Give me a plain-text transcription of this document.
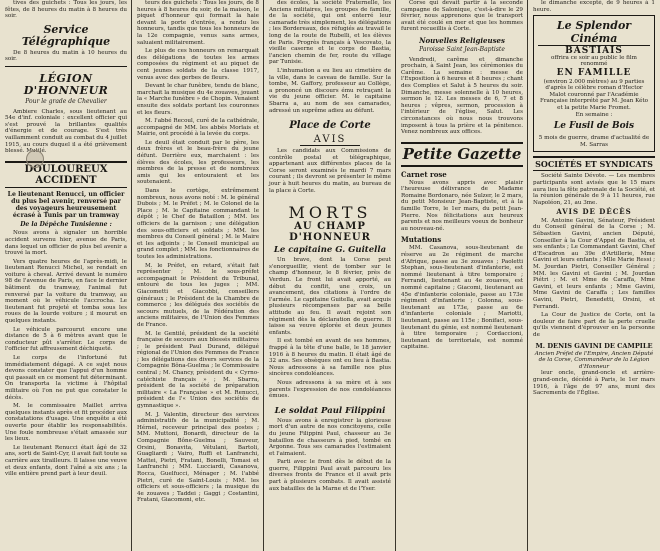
tives des guichets : Tous les jours, les fêtes, de 8 heures du matin à 8 heures du soir.

Service Télégraphique

De 8 heures du matin à 10 heures du soir.

LÉGION D'HONNEUR
Pour le grade de Chevalier

Ambiere Charles, sous lieutenant au 54e d'inf. coloniale : excellent officier qui s'est prouvé la brillantes qualités d'énergie et de courage. S'est très vaillamment conduit au combat du 4 juillet 1915, au cours duquel il a été grièvement blessé. Mutilé.

DOULOUREUX ACCIDENT
Le lieutenant Renucci, un officier du plus bel avenir, renversé par des voyageurs heureusement écrasé à Tunis par un tramway
De la Dépêche Tunisienne :

Nous avons à signaler un horrible accident survenu hier, avenue de Paris, dans lequel un officier de plus bel avenir a trouvé la mort.

Vers quatre heures de l'après-midi, le lieutenant Renucci Michel, se rendait en voiture à cheval. Arrivé devant le numéro 98 de l'avenue de Paris, en face le dernier bâtiment du tramway, l'animal fut renversé par la voiture du tramway, au moment où le véhicule l'accrocha. Le lieutenant fut projeté et tomba sous les roues de la lourde voiture ; il mourut en quelques instants.

Le véhicule parcourut encore une distance de 5 à 6 mètres avant que le conducteur pût s'arrêter. Le corps de l'officier fut affreusement déchiqueté.

Le corps de l'infortuné fut immédiatement dégagé. A ce sujet nous devons constater que l'appui d'un homme qui passait en ce moment fut déterminant. On transporta la victime à l'hôpital militaire où l'on ne put que constater le décès.

M. le commissaire Maillet arriva quelques instants après et fit procéder aux constatations d'usage. Une enquête a été ouverte pour établir les responsabilités. Une foule nombreuse s'était amassée sur les lieux.

Le lieutenant Renucci était âgé de 32 ans, sorti de Saint-Cyr, il avait fait toute sa carrière aux tirailleurs. Il laisse une veuve et deux enfants, dont l'aîné a six ans ; la ville entière prend part à leur deuil.

teurs des guichets : Tous les jours, de 8 heures à 8 heures du soir, de la maison, le piquet d'honneur qui formait la haie devant la porte d'entrée, a rendu les honneurs, tandis que tous les honneurs de la 12e compagnie, venus sans armes, saluaient militairement.

Le plus de ces honneurs on remarquait des délégations de toutes les armes composées du régiment et au piquet de cent jeunes soldats de la classe 1917, venus avec des gerbes de fleurs.

Devant le char funèbre, tendu de blanc, marchait la musique du 4e zouaves, jouant la « Marche funèbre » de Chopin. Venaient ensuite des soldats portant les couronnes et les fleurs.

M. l'abbé Recoul, curé de la cathédrale, accompagné de MM. les abbés Morlais et Mairie, ont procédé à la levée du corps.

Le deuil était conduit par le père, les deux frères et le beau-frère du jeune défunt. Derrière eux, marchaient : les élèves des écoles, les professeurs, les membres de la presse et de nombreux amis qui les entouraient et les soutenaient.

Dans le cortège, extrêmement nombreux, nous avons noté : M. le général Dubois ; M. le Préfet ; M. le Colonel de la Place ; M. le Capitaine commandant le dépôt ; le Chef de Bataillon ; MM. les officiers de la garnison ; une délégation des sous-officiers et soldats ; MM. les membres du Conseil général ; M. le Maire et les adjoints ; le Conseil municipal au grand complet ; MM. les fonctionnaires de toutes les administrations.

M. le Préfet, en retard, s'était fait représenter ; M. le sous-préfet accompagnait le Président du Tribunal, entouré de tous les juges ; MM. Giacometti et Giacobbi, conseillers généraux ; le Président de la Chambre de commerce ; les délégués des sociétés de secours mutuels, de la Fédération des anciens militaires, de l'Union des Femmes de France.

M. le Gentilé, président de la société française de secours aux blessés militaires ; le président Paul Durand, délégué régional de l'Union des Femmes de France ; les délégations des divers services de la Compagnie Bôna-Guelma ; le Commissaire central ; M. Chancy, président du « Cyrno-catéchiste français » ; M. Sbarra, président de la société de préparation militaire « La Française » et M. Renucci, président de l'« Union des sociétés de gymnastique ».

M. J. Valentin, directeur des services administratifs de la municipalité ; M. Hérnel, receveur principal des postes ; MM. Muttoni, Bonardi, directeur de la Compagnie Bône-Guelma ; Sauveur, Orsini, Bonavita, Vétulani, Bartoli, Guagliardi ; Vairo, Ruffi et Lanfranchi, Mattei, Pietri, Fratani, Bonelli, Tomasi et Lanfranchi ; MM. Lucciardi, Casanova, Rocca, Guelfucci, Ménager ; M. l'abbé Pietri, curé de Saint-Louis ; MM. les officiers et sous-officiers ; la musique du 4e zouaves ; Taddei ; Gaggi ; Costantini, Fratani, Giacomoni, etc.

des écoles, la société Fraternelle, les Anciens militaires, les groupes de famille, de la société, qui ont enterré leur camarade très simplement, les délégations ; les Bordereaux, des réfugiés au travail le long de la route de Rubelli, et les élèves de Paris. Progrès français à Vescovato, la vieille caserne et le corps de Bastia, l'ancien chemin de fer, route du village par Tunisie.

L'inhumation a eu lieu au cimetière de la ville, dans le caveau de famille. Sur la tombe, M. Gaffory, professeur au Collège, a prononcé un discours ému retraçant la vie du jeune officier. M. le capitaine Sbarra a, au nom de ses camarades, adressé un suprême adieu au défunt.

Place de Corte
AVIS

Les candidats aux Commissions de contrôle postal et télégraphique, appartenant aux différentes places de la Corse seront examinés le mardi 7 mars courant ; ils devront se présenter le même jour à huit heures du matin, au bureau de la place à Corte.

MORTS
AU CHAMP D'HONNEUR
Le capitaine G. Guitella

Un brave, dont la Corse peut s'enorgueillir, vient de tomber sur le champ d'honneur, le 8 février, près de Verdun. Le front lui avait apporté, au début du conflit, une croix, un avancement, des citations à l'ordre de l'armée. Le capitaine Guitella, avait acquis plusieurs récompenses par sa belle attitude au feu. Il avait rejoint son régiment dès la déclaration de guerre. Il laisse sa veuve éplorée et deux jeunes enfants.

Il est tombé en avant de ses hommes, frappé à la tête d'une balle, le 18 janvier 1916 à 8 heures du matin. Il était âgé de 32 ans. Ses obsèques ont eu lieu à Bastia. Nous adressons à sa famille nos plus sincères condoléances.

Nous adressons à sa mère et à ses parents l'expression de nos condoléances émues.

Le soldat Paul Filippini

Nous avons à enregistrer la glorieuse mort d'un autre de nos concitoyens, celle du jeune Filippini Paul, chasseur au 3e bataillon de chasseurs à pied, tombé en Argonne. Tous ses camarades l'estimaient et l'aimaient.

Parti avec le front dès le début de la guerre, Filippini Paul avait parcouru les diverses fronts de France et il avait pris part à plusieurs combats. Il avait assisté aux batailles de la Marne et de l'Yser.

le dimanche excepté, de 9 heures à 1 heure.

Le Splendor Cinéma
BASTIAIS
offrira ce soir au public le film renommé
EN FAMILLE
(environ 2.000 mètres) au 9 parties
d'après le célèbre roman d'Hector Malot couronné par l'Académie Française interprété par M. Jean Kéto et la petite Marie Fromet.
En semaine :
Le Fusil de Bois
5 mois de guerre, drame d'actualité de M. Sarras
SOCIÉTÉS ET SYNDICATS

Société Sainte Dévote. — Les membres participants sont avisés que le 15 mars aura lieu la fête patronale de la Société, et la réunion générale de 9 à 11 heures, rue Napoléon, 21, au 3me.

AVIS DE DÉCÈS

M. Antoine Gavini, Sénateur, Président du Conseil général de la Corse ; M. Sébastien Gavini, ancien Député, Conseiller à la Cour d'Appel de Bastia, et ses enfants ; Le Commandant Gavini, Chef d'Escadron au 39e d'Artillerie, Mme Gavini et leurs enfants ; Mlle Marie Ressi ; M. Jourdan Pietri, Conseiller Général ; MM. les Gavini et Gavini ; M. Jourdan Piétri ; M. et Mme de Caraffa, Mme Gavini, et leurs enfants ; Mme Gavini, Mme Gavini de Caraffa ; Les familles Gavini, Pietri, Benedetti, Orsini, et Ferrandi.

La Cour de Justice de Corte, ont la douleur de faire part de la perte cruelle qu'ils viennent d'éprouver en la personne de

M. DENIS GAVINI DE CAMPILE
Ancien Préfet de l'Empire, Ancien Député de la Corse, Commandeur de la Légion d'Honneur

leur oncle, grand-oncle et arrière-grand-oncle, décédé à Paris, le 1er mars 1916, à l'âge de 97 ans, muni des Sacrements de l'Église.

Corse qui devait partir à la seconde campagne de Salonique, c'est-à-dire le 29 février, nous apprenons que le transport avait été coulé en mer et que les hommes furent recueillis à Corte.

Nouvelles Religieuses
Paroisse Saint Jean-Baptiste

Vendredi, carême et dimanche prochain, à Saint Jean, les cérémonies du Carême. La semaine : messe de l'Exposition à 6 heures et 8 heures ; chant des Complies et Salut à 5 heures du soir. Dimanche, messe solennelle à 10 heures, sermon le 12. Les messes de 6, 7 et 8 heures ; vêpres, sermon, procession à l'intérieur de l'église, Salut. Les circonstances où nous nous trouvons imposent à tous la prière et la pénitence. Venez nombreux aux offices.

Petite Gazette
Carnet rose

Nous avons appris avec plaisir l'heureuse délivrance de Madame Romaine Bordonaro, née Sulzer, le 2 mars, du petit Monsieur Jean-Baptiste, et à la famille Torre, le 1er mars, du petit Jean-Pierre. Nos félicitations aux heureux parents et nos meilleurs voeux de bonheur au nouveau-né.

Mutations

MM. Casanova, sous-lieutenant de réserve au 2e régiment de marche d'Afrique, passe au 3e zouaves ; Paoletti Stephan, sous-lieutenant d'infanterie, est nommé lieutenant à titre temporaire ; Ferrandi, lieutenant au 4e zouaves, est nommé capitaine ; Giacomi, lieutenant au 45e d'infanterie coloniale, passe au 173e régiment d'infanterie ; Colonna, sous-lieutenant au 173e, passe au 6e d'infanterie coloniale ; Mariotti, lieutenant, passe au 115e ; Bonifaci, sous-lieutenant du génie, est nommé lieutenant à titre temporaire ; Cordaccioni, lieutenant de territoriale, est nommé capitaine.
